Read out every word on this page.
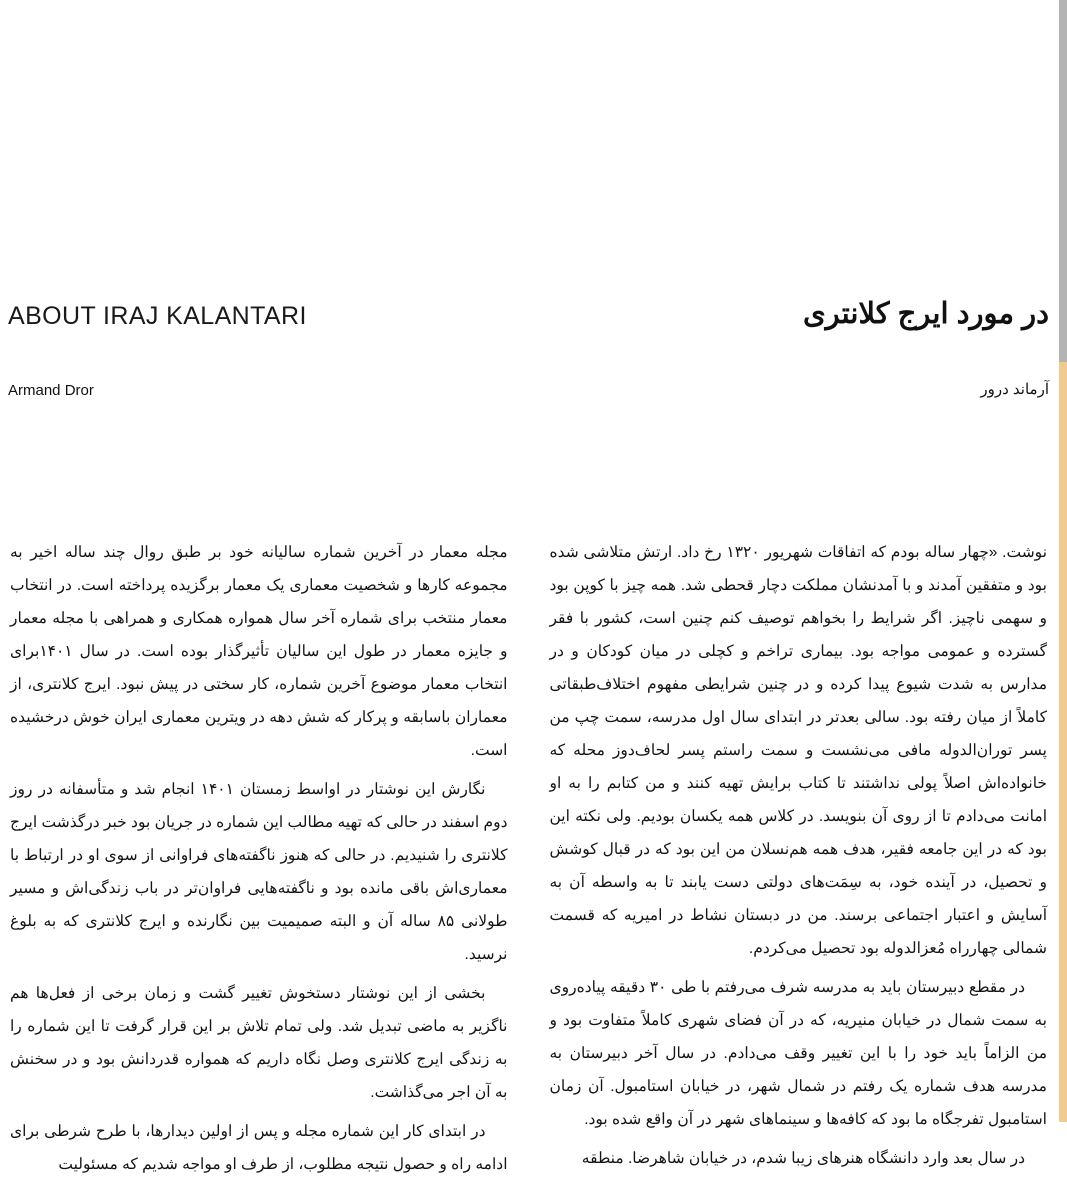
در مورد ایرج کلانتری
ABOUT IRAJ KALANTARI
آرماند درور
Armand Dror

مجله معمار در آخرین شماره سالیانه خود بر طبق روال چند ساله اخیر به مجموعه کارها و شخصیت معماری یک معمار برگزیده پرداخته است. در انتخاب معمار منتخب برای شماره آخر سال همواره همکاری و همراهی با مجله معمار و جایزه معمار در طول این سالیان تأثیرگذار بوده است. در سال ۱۴۰۱برای انتخاب معمار موضوع آخرین شماره، کار سختی در پیش نبود. ایرج کلانتری، از معماران باسابقه و پرکار که شش دهه در ویترین معماری ایران خوش درخشیده است.

نگارش این نوشتار در اواسط زمستان ۱۴۰۱ انجام شد و متأسفانه در روز دوم اسفند در حالی که تهیه مطالب این شماره در جریان بود خبر درگذشت ایرج کلانتری را شنیدیم. در حالی که هنوز ناگفته‌های فراوانی از سوی او در ارتباط با معماری‌اش باقی مانده بود و ناگفته‌هایی فراوان‌تر در باب زندگی‌اش و مسیر طولانی ۸۵ ساله آن و البته صمیمیت بین نگارنده و ایرج کلانتری که به بلوغ نرسید.

بخشی از این نوشتار دستخوش تغییر گشت و زمان برخی از فعل‌ها هم ناگزیر به ماضی تبدیل شد. ولی تمام تلاش بر این قرار گرفت تا این شماره را به زندگی ایرج کلانتری وصل نگاه داریم که همواره قدردانش بود و در سخنش به آن اجر می‌گذاشت.

در ابتدای کار این شماره مجله و پس از اولین دیدارها، با طرح شرطی برای ادامه راه و حصول نتیجه مطلوب، از طرف او مواجه شدیم که مسئولیت

نوشت. «چهار ساله بودم که اتفاقات شهریور ۱۳۲۰ رخ داد. ارتش متلاشی شده بود و متفقین آمدند و با آمدنشان مملکت دچار قحطی شد. همه چیز با کوپن بود و سهمی ناچیز. اگر شرایط را بخواهم توصیف کنم چنین است، کشور با فقر گسترده و عمومی مواجه بود. بیماری تراخم و کچلی در میان کودکان و در مدارس به شدت شیوع پیدا کرده و در چنین شرایطی مفهوم اختلاف‌طبقاتی کاملاً از میان رفته بود. سالی بعدتر در ابتدای سال اول مدرسه، سمت چپ من پسر توران‌الدوله مافی می‌نشست و سمت راستم پسر لحاف‌دوز محله که خانواده‌اش اصلاً پولی نداشتند تا کتاب برایش تهیه کنند و من کتابم را به او امانت می‌دادم تا از روی آن بنویسد. در کلاس همه یکسان بودیم. ولی نکته این بود که در این جامعه فقیر، هدف همه هم‌نسلان من این بود که در قبال کوشش و تحصیل، در آینده خود، به سِمَت‌های دولتی دست یابند تا به واسطه آن به آسایش و اعتبار اجتماعی برسند. من در دبستان نشاط در امیریه که قسمت شمالی چهارراه مُعزالدوله بود تحصیل می‌کردم.

در مقطع دبیرستان باید به مدرسه شرف می‌رفتم با طی ۳۰ دقیقه پیاده‌روی به سمت شمال در خیابان منیریه، که در آن فضای شهری کاملاً متفاوت بود و من الزاماً باید خود را با این تغییر وقف می‌دادم. در سال آخر دبیرستان به مدرسه هدف شماره یک رفتم در شمال شهر، در خیابان استامبول. آن زمان استامبول تفرجگاه ما بود که کافه‌ها و سینماهای شهر در آن واقع شده بود.

در سال بعد وارد دانشگاه هنرهای زیبا شدم، در خیابان شاهرضا. منطقه
